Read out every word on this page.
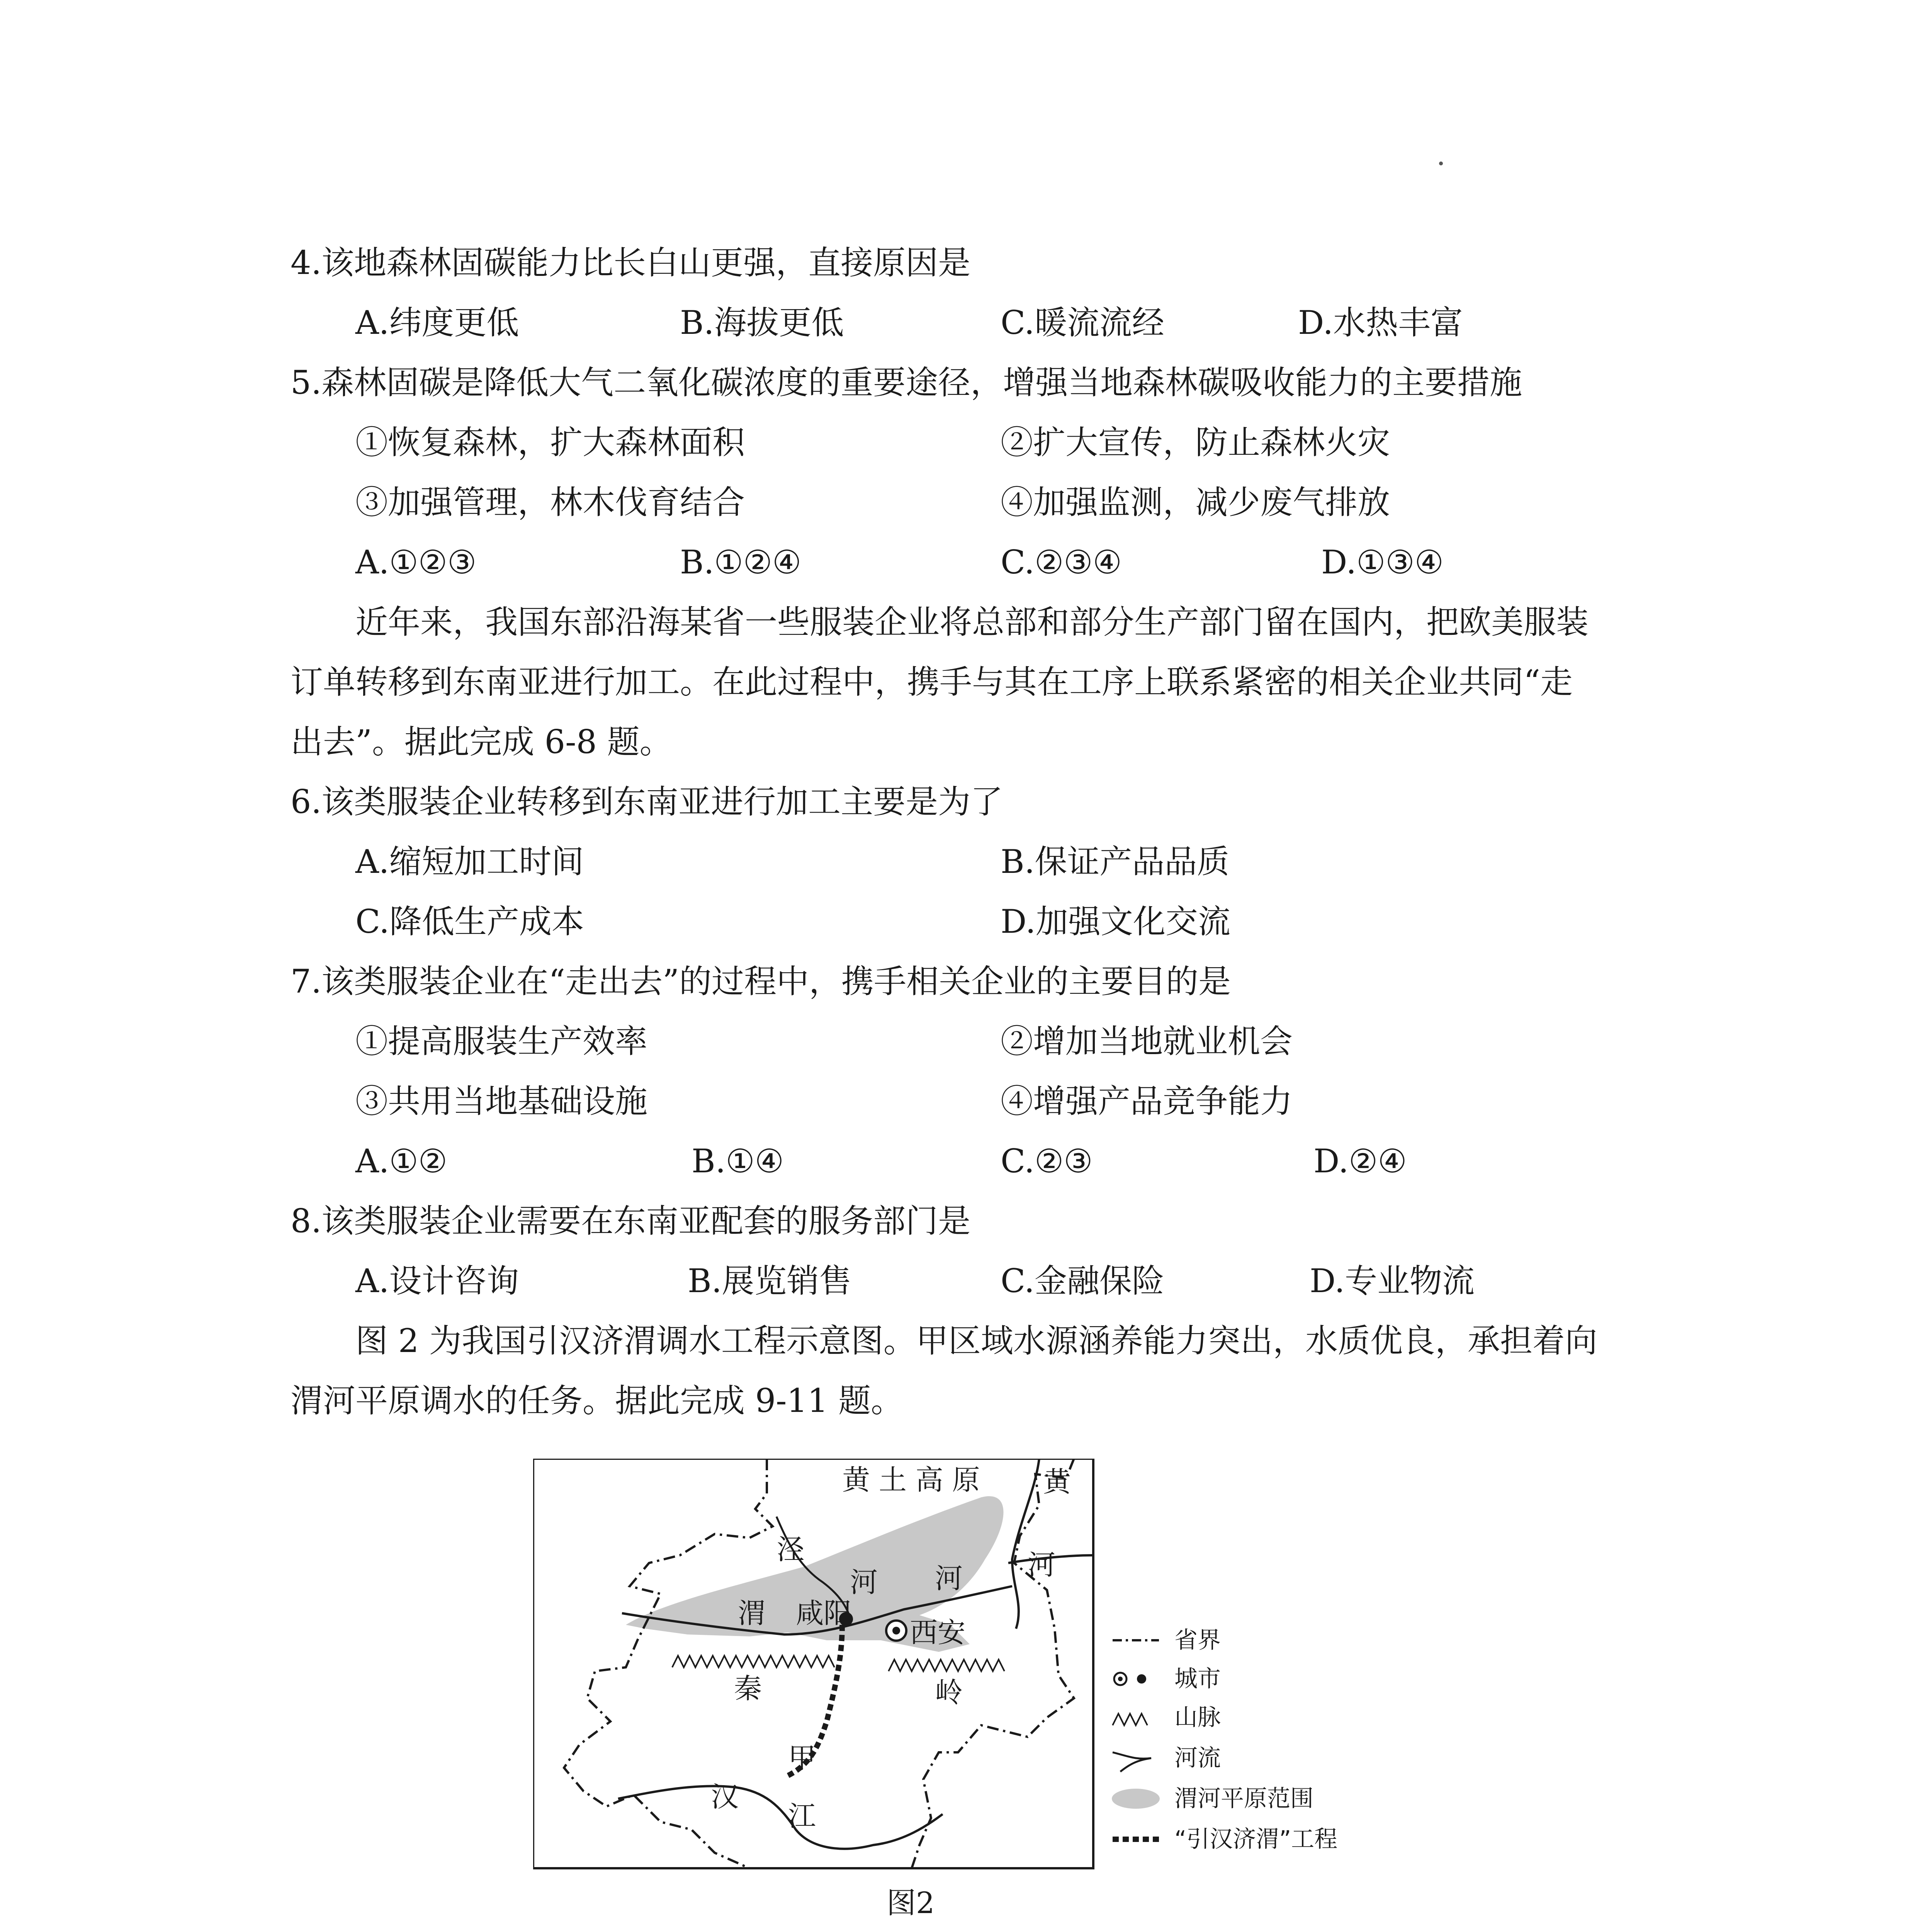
4.该地森林固碳能力比长白山更强，直接原因是
A.纬度更低	B.海拔更低	C.暖流流经	D.水热丰富
5.森林固碳是降低大气二氧化碳浓度的重要途径，增强当地森林碳吸收能力的主要措施
①恢复森林，扩大森林面积	②扩大宣传，防止森林火灾
③加强管理，林木伐育结合	④加强监测，减少废气排放
A.①②③	B.①②④	C.②③④	D.①③④
近年来，我国东部沿海某省一些服装企业将总部和部分生产部门留在国内，把欧美服装
订单转移到东南亚进行加工。在此过程中，携手与其在工序上联系紧密的相关企业共同“走
出去”。据此完成 6-8 题。
6.该类服装企业转移到东南亚进行加工主要是为了
A.缩短加工时间	B.保证产品品质
C.降低生产成本	D.加强文化交流
7.该类服装企业在“走出去”的过程中，携手相关企业的主要目的是
①提高服装生产效率	②增加当地就业机会
③共用当地基础设施	④增强产品竞争能力
A.①②	B.①④	C.②③	D.②④
8.该类服装企业需要在东南亚配套的服务部门是
A.设计咨询	B.展览销售	C.金融保险	D.专业物流
图 2 为我国引汉济渭调水工程示意图。甲区域水源涵养能力突出，水质优良，承担着向
渭河平原调水的任务。据此完成 9-11 题。
黄 土 高 原 黄
河
泾
河 河
渭 咸阳
西安
秦	岭
甲
汉
江
省界
城市
山脉
河流
渭河平原范围
“引汉济渭”工程
图2
